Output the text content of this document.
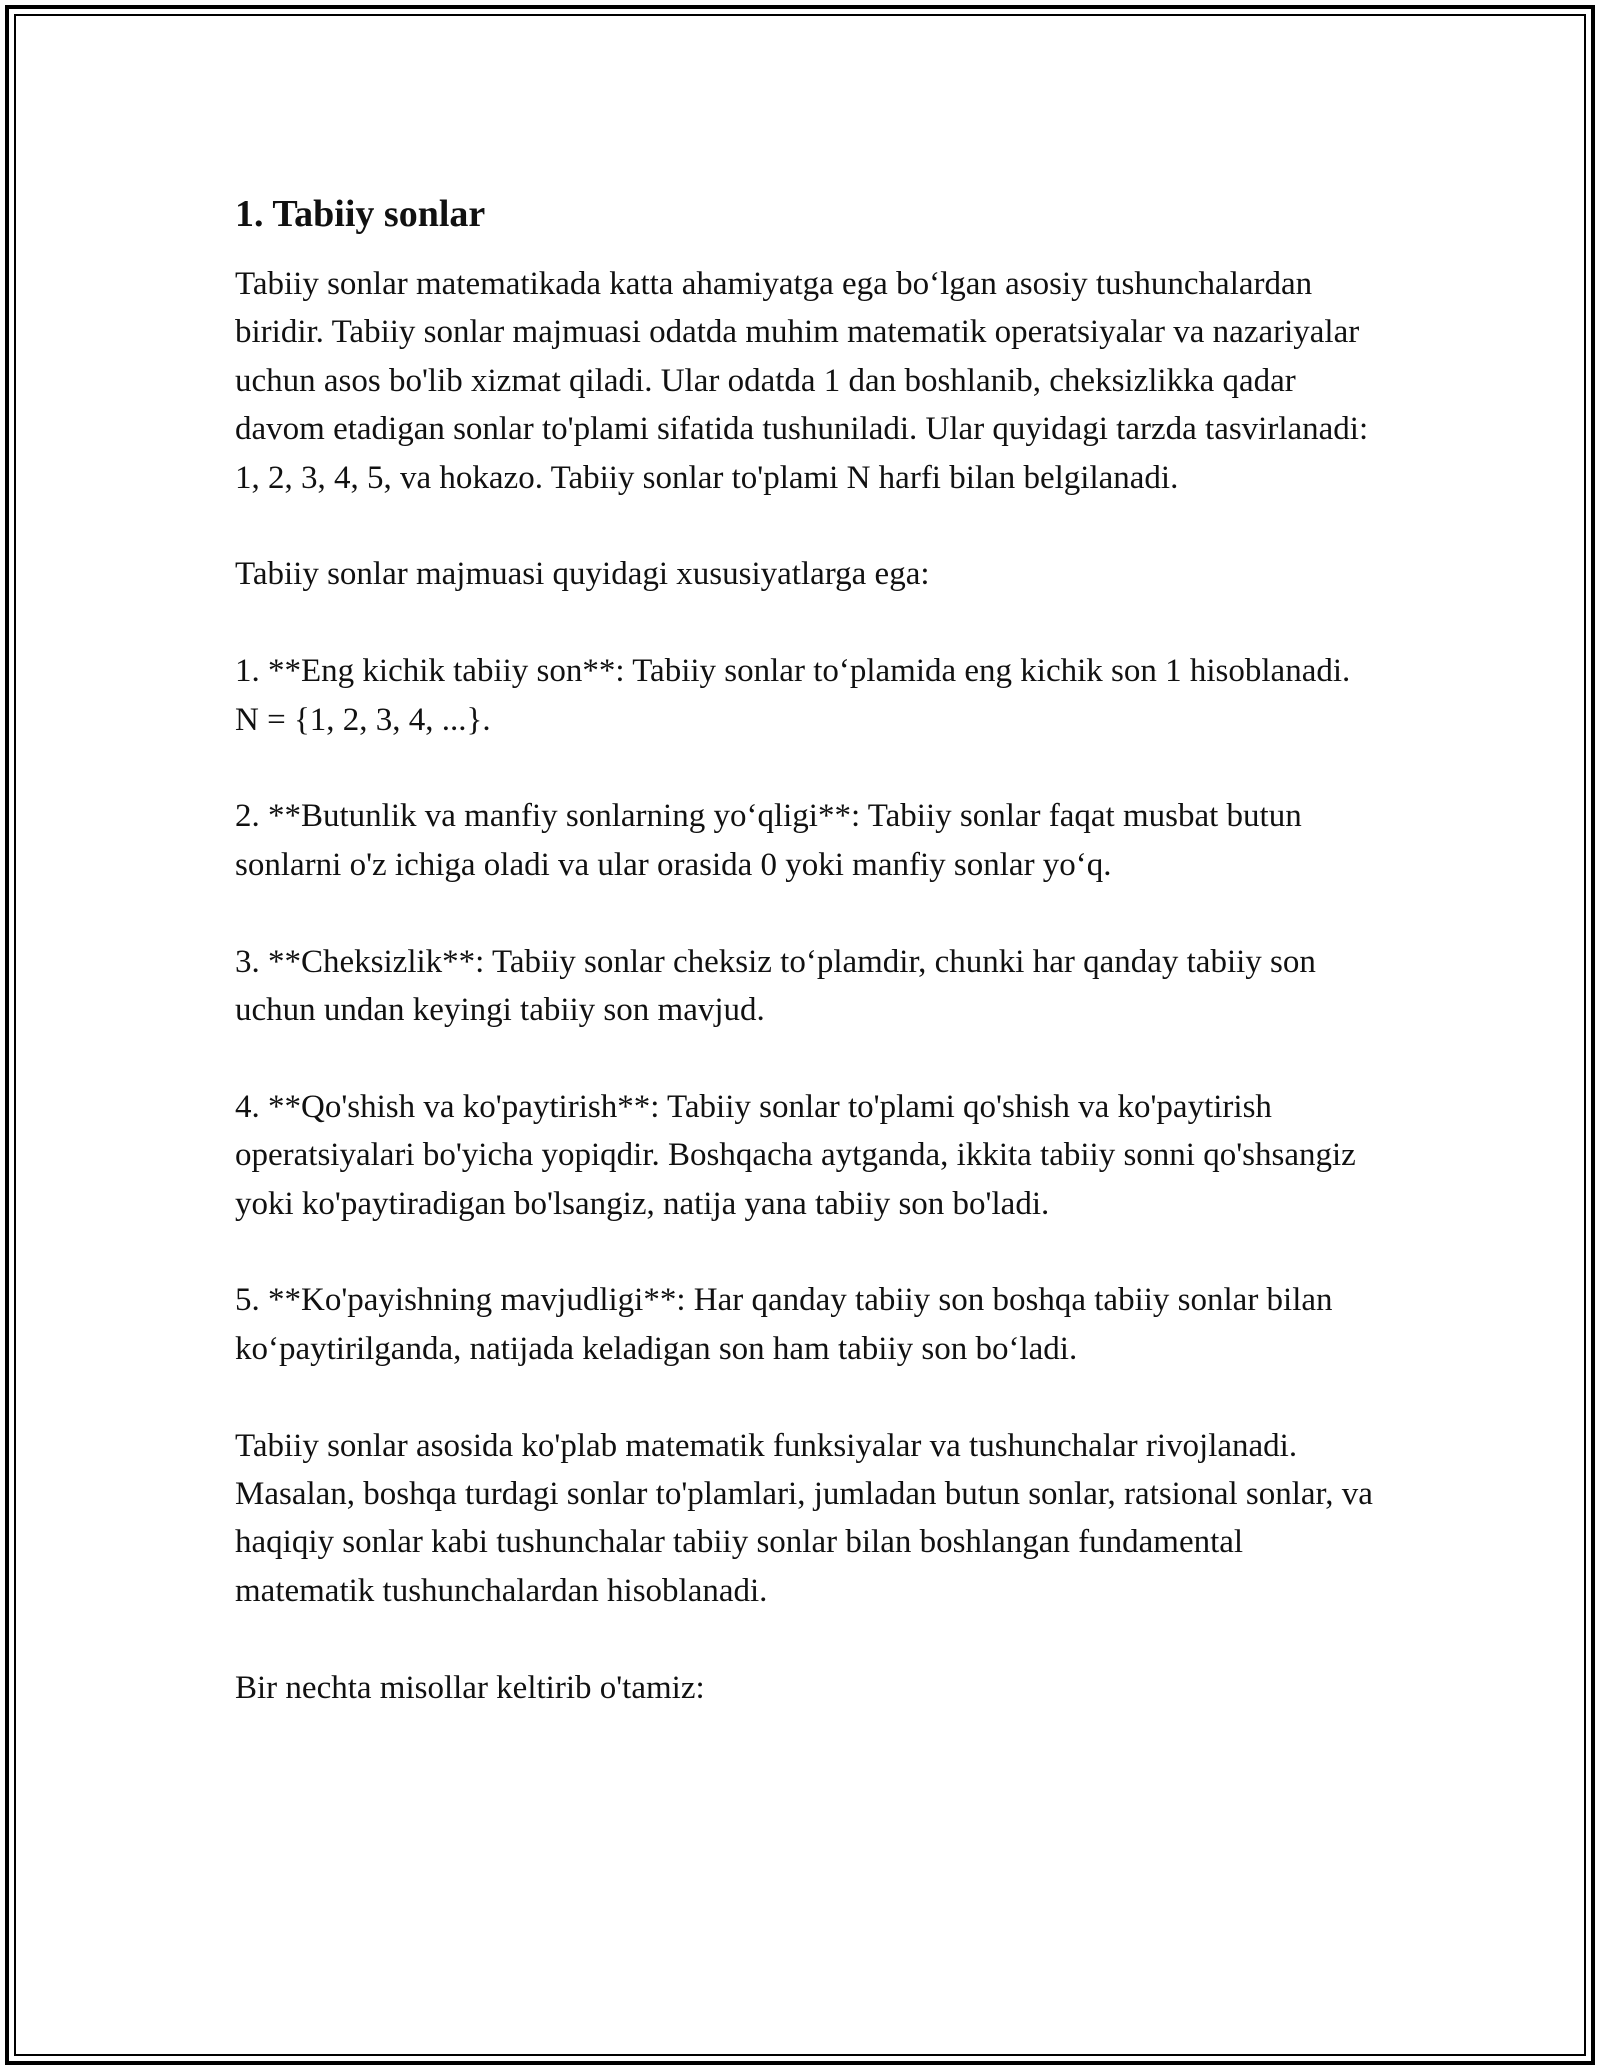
1. Tabiiy sonlar

Tabiiy sonlar matematikada katta ahamiyatga ega boʻlgan asosiy tushunchalardan biridir. Tabiiy sonlar majmuasi odatda muhim matematik operatsiyalar va nazariyalar uchun asos bo'lib xizmat qiladi. Ular odatda 1 dan boshlanib, cheksizlikka qadar davom etadigan sonlar to'plami sifatida tushuniladi. Ular quyidagi tarzda tasvirlanadi: 1, 2, 3, 4, 5, va hokazo. Tabiiy sonlar to'plami N harfi bilan belgilanadi.

Tabiiy sonlar majmuasi quyidagi xususiyatlarga ega:

1. **Eng kichik tabiiy son**: Tabiiy sonlar toʻplamida eng kichik son 1 hisoblanadi. N = {1, 2, 3, 4, ...}.

2. **Butunlik va manfiy sonlarning yoʻqligi**: Tabiiy sonlar faqat musbat butun sonlarni o'z ichiga oladi va ular orasida 0 yoki manfiy sonlar yoʻq.

3. **Cheksizlik**: Tabiiy sonlar cheksiz toʻplamdir, chunki har qanday tabiiy son uchun undan keyingi tabiiy son mavjud.

4. **Qo'shish va ko'paytirish**: Tabiiy sonlar to'plami qo'shish va ko'paytirish operatsiyalari bo'yicha yopiqdir. Boshqacha aytganda, ikkita tabiiy sonni qo'shsangiz yoki ko'paytiradigan bo'lsangiz, natija yana tabiiy son bo'ladi.

5. **Ko'payishning mavjudligi**: Har qanday tabiiy son boshqa tabiiy sonlar bilan koʻpaytirilganda, natijada keladigan son ham tabiiy son boʻladi.

Tabiiy sonlar asosida ko'plab matematik funksiyalar va tushunchalar rivojlanadi. Masalan, boshqa turdagi sonlar to'plamlari, jumladan butun sonlar, ratsional sonlar, va haqiqiy sonlar kabi tushunchalar tabiiy sonlar bilan boshlangan fundamental matematik tushunchalardan hisoblanadi.

Bir nechta misollar keltirib o'tamiz:
